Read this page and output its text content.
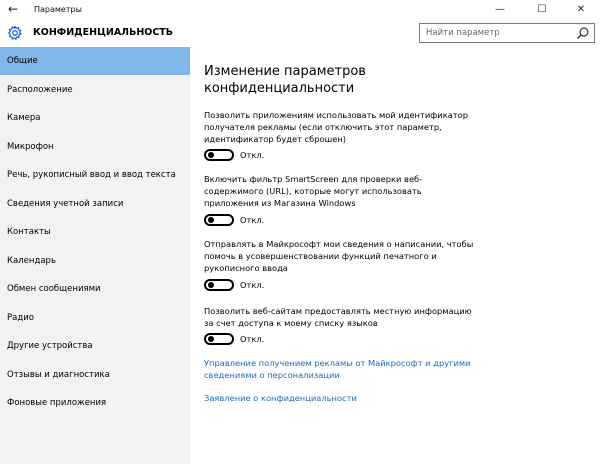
←	Параметры	—	☐	✕
КОНФИДЕНЦИАЛЬНОСТЬ	Найти параметр
Общие
Расположение
Камера
Микрофон
Речь, рукописный ввод и ввод текста
Сведения учетной записи
Контакты
Календарь
Обмен сообщениями
Радио
Другие устройства
Отзывы и диагностика
Фоновые приложения
Изменение параметров конфиденциальности
Позволить приложениям использовать мой идентификатор получателя рекламы (если отключить этот параметр, идентификатор будет сброшен)
Откл.
Включить фильтр SmartScreen для проверки веб-содержимого (URL), которые могут использовать приложения из Магазина Windows
Откл.
Отправлять в Майкрософт мои сведения о написании, чтобы помочь в усовершенствовании функций печатного и рукописного ввода
Откл.
Позволить веб-сайтам предоставлять местную информацию за счет доступа к моему списку языков
Откл.
Управление получением рекламы от Майкрософт и другими сведениями о персонализации
Заявление о конфиденциальности
